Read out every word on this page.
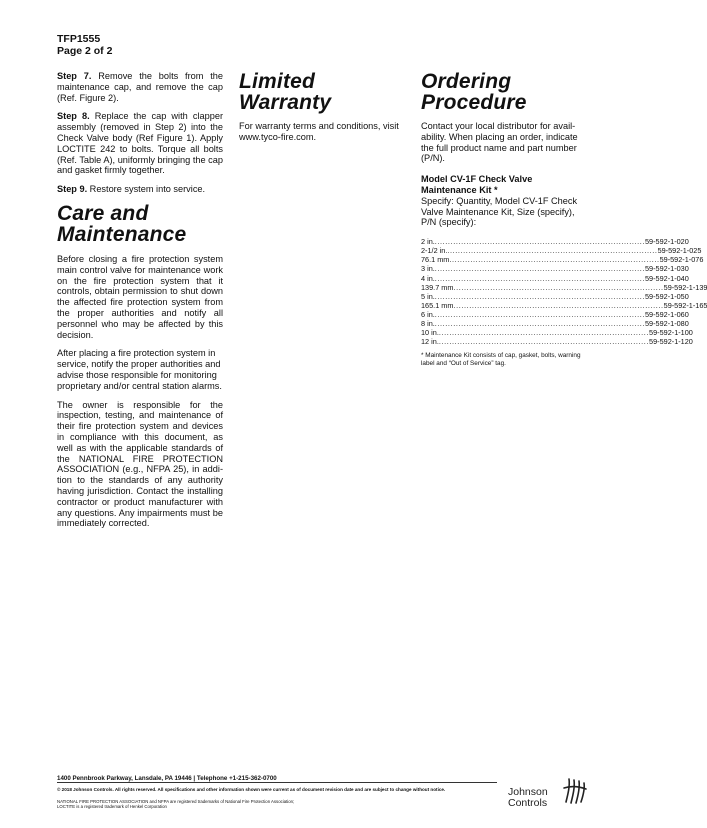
TFP1555
Page 2 of 2

Step 7. Remove the bolts from the maintenance cap, and remove the cap (Ref. Figure 2).

Step 8. Replace the cap with clapper assembly (removed in Step 2) into the Check Valve body (Ref Figure 1). Apply LOCTITE 242 to bolts. Torque all bolts (Ref. Table A), uniformly bringing the cap and gasket firmly together.

Step 9. Restore system into service.

Care and
Maintenance

Before closing a fire protection system main control valve for maintenance work on the fire protection system that it controls, obtain permission to shut down the affected fire protection system from the proper authorities and notify all personnel who may be affected by this decision.

After placing a fire protection system in service, notify the proper authorities and advise those responsible for monitoring proprietary and/or central station alarms.

The owner is responsible for the inspection, testing, and maintenance of their fire protection system and devices in compliance with this document, as well as with the applicable standards of the NATIONAL FIRE PROTECTION ASSOCIATION (e.g., NFPA 25), in addition to the standards of any authority having jurisdiction. Contact the installing contractor or product manufacturer with any questions. Any impairments must be immediately corrected.

Limited
Warranty

For warranty terms and conditions, visit www.tyco-fire.com.

Ordering
Procedure

Contact your local distributor for availability. When placing an order, indicate the full product name and part number (P/N).

Model CV-1F Check Valve
Maintenance Kit *
Specify: Quantity, Model CV-1F Check Valve Maintenance Kit, Size (specify), P/N (specify):
2 in. ................................................................................ 59-592-1-020
2-1/2 in. ................................................................................ 59-592-1-025
76.1 mm ................................................................................ 59-592-1-076
3 in. ................................................................................ 59-592-1-030
4 in. ................................................................................ 59-592-1-040
139.7 mm ................................................................................ 59-592-1-139
5 in. ................................................................................ 59-592-1-050
165.1 mm ................................................................................ 59-592-1-165
6 in. ................................................................................ 59-592-1-060
8 in. ................................................................................ 59-592-1-080
10 in. ................................................................................ 59-592-1-100
12 in. ................................................................................ 59-592-1-120
* Maintenance Kit consists of cap, gasket, bolts, warning label and “Out of Service” tag.
1400 Pennbrook Parkway, Lansdale, PA 19446 | Telephone +1-215-362-0700
© 2018 Johnson Controls. All rights reserved. All specifications and other information shown were current as of document revision date and are subject to change without notice.
NATIONAL FIRE PROTECTION ASSOCIATION and NFPA are registered trademarks of National Fire Protection Association;
LOCTITE is a registered trademark of Henkel Corporation
Johnson
Controls
